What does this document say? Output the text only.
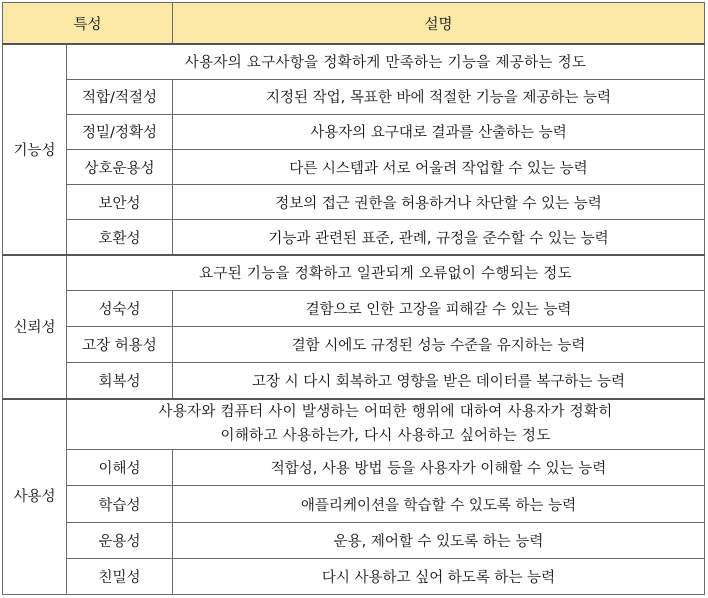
특성		설명
기능성	사용자의 요구사항을 정확하게 만족하는 기능을 제공하는 정도	
	적합/적절성	지정된 작업, 목표한 바에 적절한 기능을 제공하는 능력
	정밀/정확성	사용자의 요구대로 결과를 산출하는 능력
	상호운용성	다른 시스템과 서로 어울려 작업할 수 있는 능력
	보안성	정보의 접근 권한을 허용하거나 차단할 수 있는 능력
	호환성	기능과 관련된 표준, 관례, 규정을 준수할 수 있는 능력
신뢰성	요구된 기능을 정확하고 일관되게 오류없이 수행되는 정도	
	성숙성	결함으로 인한 고장을 피해갈 수 있는 능력
	고장 허용성	결함 시에도 규정된 성능 수준을 유지하는 능력
	회복성	고장 시 다시 회복하고 영향을 받은 데이터를 복구하는 능력
사용성	사용자와 컴퓨터 사이 발생하는 어떠한 행위에 대하여 사용자가 정확히
이해하고 사용하는가, 다시 사용하고 싶어하는 정도	

	이해성	적합성, 사용 방법 등을 사용자가 이해할 수 있는 능력
	학습성	애플리케이션을 학습할 수 있도록 하는 능력
	운용성	운용, 제어할 수 있도록 하는 능력
	친밀성	다시 사용하고 싶어 하도록 하는 능력
